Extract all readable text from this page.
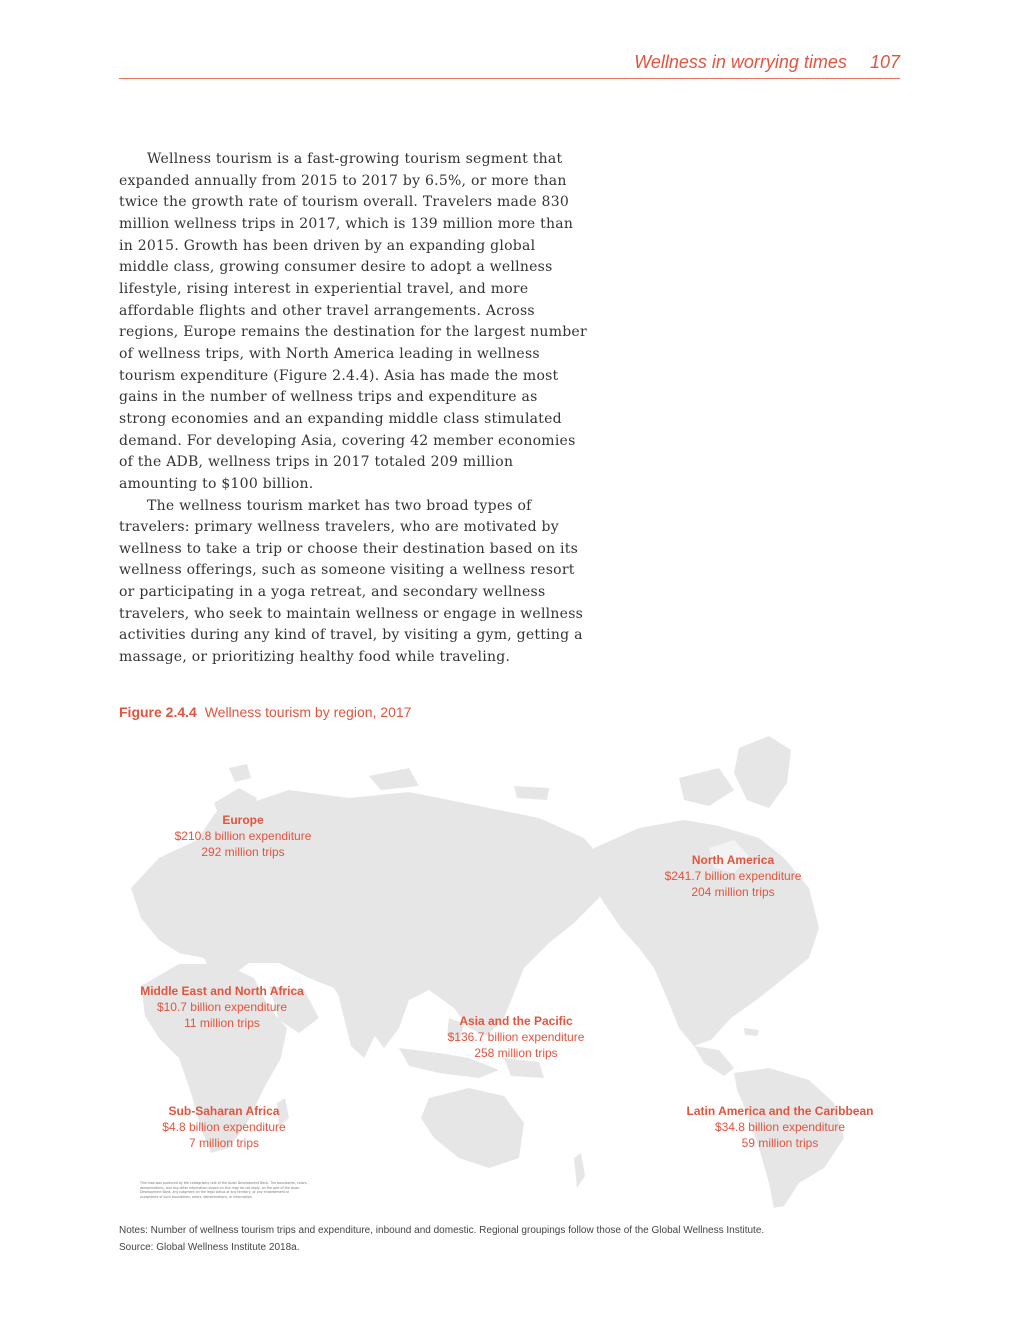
Wellness in worrying times 107

Wellness tourism is a fast-growing tourism segment that expanded annually from 2015 to 2017 by 6.5%, or more than twice the growth rate of tourism overall. Travelers made 830 million wellness trips in 2017, which is 139 million more than in 2015. Growth has been driven by an expanding global middle class, growing consumer desire to adopt a wellness lifestyle, rising interest in experiential travel, and more affordable flights and other travel arrangements. Across regions, Europe remains the destination for the largest number of wellness trips, with North America leading in wellness tourism expenditure (Figure 2.4.4). Asia has made the most gains in the number of wellness trips and expenditure as strong economies and an expanding middle class stimulated demand. For developing Asia, covering 42 member economies of the ADB, wellness trips in 2017 totaled 209 million amounting to $100 billion.

The wellness tourism market has two broad types of travelers: primary wellness travelers, who are motivated by wellness to take a trip or choose their destination based on its wellness offerings, such as someone visiting a wellness resort or participating in a yoga retreat, and secondary wellness travelers, who seek to maintain wellness or engage in wellness activities during any kind of travel, by visiting a gym, getting a massage, or prioritizing healthy food while traveling.

Figure 2.4.4 Wellness tourism by region, 2017
Europe
$210.8 billion expenditure
292 million trips
North America
$241.7 billion expenditure
204 million trips
Middle East and North Africa
$10.7 billion expenditure
11 million trips	Asia and the Pacific
$136.7 billion expenditure
258 million trips
Sub-Saharan Africa
$4.8 billion expenditure
7 million trips
Latin America and the Caribbean
$34.8 billion expenditure
59 million trips
This map was produced by the cartography unit of the Asian Development Bank. The boundaries, colors, denominations, and any other information shown on this map do not imply, on the part of the Asian Development Bank, any judgment on the legal status of any territory, or any endorsement or acceptance of such boundaries, colors, denominations, or information.
Notes: Number of wellness tourism trips and expenditure, inbound and domestic. Regional groupings follow those of the Global Wellness Institute.
Source: Global Wellness Institute 2018a.
